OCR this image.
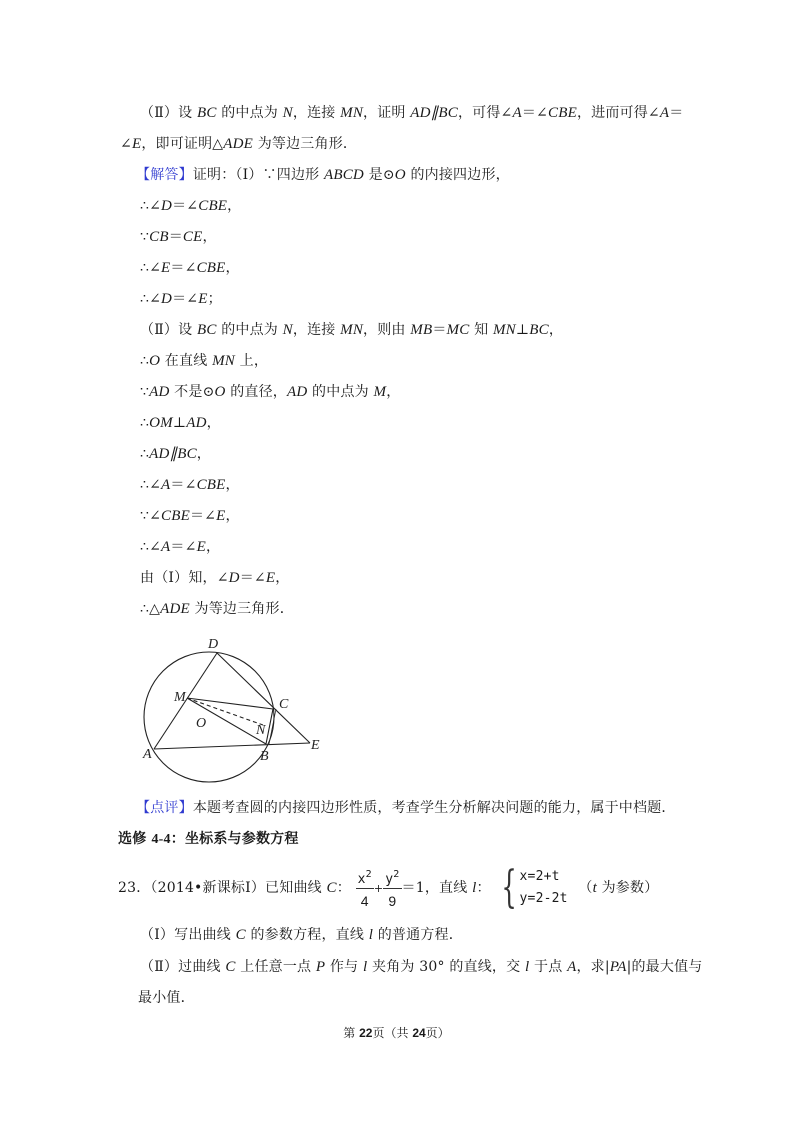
（Ⅱ）设 BC 的中点为 N，连接 MN，证明 AD∥BC，可得∠A＝∠CBE，进而可得∠A＝
∠E，即可证明△ADE 为等边三角形．
【解答】证明：（Ⅰ）∵四边形 ABCD 是⊙O 的内接四边形，
∴∠D＝∠CBE，
∵CB＝CE，
∴∠E＝∠CBE，
∴∠D＝∠E；
（Ⅱ）设 BC 的中点为 N，连接 MN，则由 MB＝MC 知 MN⊥BC，
∴O 在直线 MN 上，
∵AD 不是⊙O 的直径，AD 的中点为 M，
∴OM⊥AD，
∴AD∥BC，
∴∠A＝∠CBE，
∵∠CBE＝∠E，
∴∠A＝∠E，
由（Ⅰ）知，∠D＝∠E，
∴△ADE 为等边三角形．
D
M
O
C
N
A	B
E
【点评】本题考查圆的内接四边形性质，考查学生分析解决问题的能力，属于中档题．
选修 4-4：坐标系与参数方程
23．（2014•新课标Ⅰ）已知曲线 C： $\frac{x^2}{4} + \frac{y^2}{9} =1$，直线 l： { x=2+t
y=2-2t
（t 为参数）
（Ⅰ）写出曲线 C 的参数方程，直线 l 的普通方程．
（Ⅱ）过曲线 C 上任意一点 P 作与 l 夹角为 30° 的直线，交 l 于点 A，求|PA|的最大值与
最小值．
第 22页（共 24页）
